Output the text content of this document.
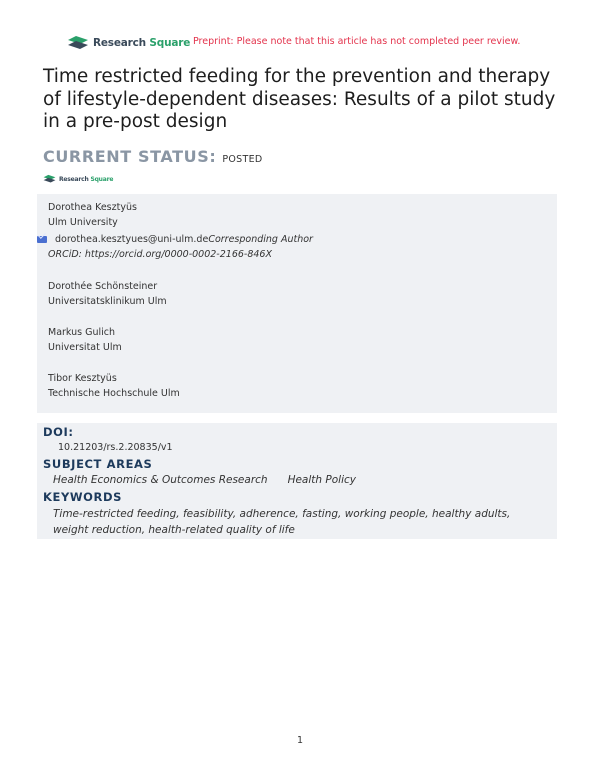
Research Square Preprint: Please note that this article has not completed peer review.
Time restricted feeding for the prevention and therapy of lifestyle-dependent diseases: Results of a pilot study in a pre-post design
CURRENT STATUS: POSTED
Research Square
Dorothea Kesztyüs
Ulm University
dorothea.kesztyues@uni-ulm.de Corresponding Author
ORCiD: https://orcid.org/0000-0002-2166-846X
Dorothée Schönsteiner
Universitatsklinikum Ulm
Markus Gulich
Universitat Ulm
Tibor Kesztyüs
Technische Hochschule Ulm
DOI:
10.21203/rs.2.20835/v1
SUBJECT AREAS
Health Economics & Outcomes Research Health Policy
KEYWORDS
Time-restricted feeding, feasibility, adherence, fasting, working people, healthy adults, weight reduction, health-related quality of life
1
